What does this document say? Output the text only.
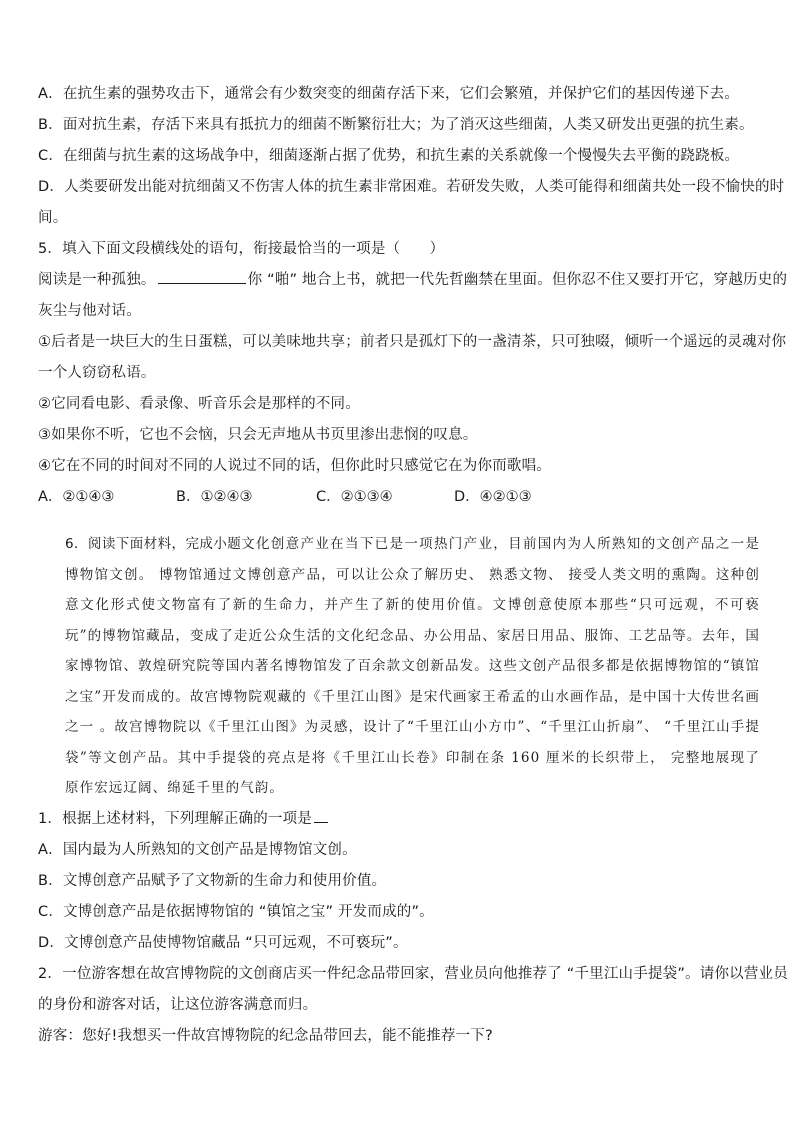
A．在抗生素的强势攻击下，通常会有少数突变的细菌存活下来，它们会繁殖，并保护它们的基因传递下去。
B．面对抗生素，存活下来具有抵抗力的细菌不断繁衍壮大；为了消灭这些细菌，人类又研发出更强的抗生素。
C．在细菌与抗生素的这场战争中，细菌逐渐占据了优势，和抗生素的关系就像一个慢慢失去平衡的跷跷板。
D．人类要研发出能对抗细菌又不伤害人体的抗生素非常困难。若研发失败，人类可能得和细菌共处一段不愉快的时
间。
5．填入下面文段横线处的语句，衔接最恰当的一项是（　　）
阅读是一种孤独。	你 “啪” 地合上书，就把一代先哲幽禁在里面。但你忍不住又要打开它，穿越历史的
灰尘与他对话。
①后者是一块巨大的生日蛋糕，可以美味地共享；前者只是孤灯下的一盏清茶，只可独啜，倾听一个遥远的灵魂对你
一个人窃窃私语。
②它同看电影、看录像、听音乐会是那样的不同。
③如果你不听，它也不会恼，只会无声地从书页里渗出悲悯的叹息。
④它在不同的时间对不同的人说过不同的话，但你此时只感觉它在为你而歌唱。
A．②①④③	B．①②④③	C．②①③④	D．④②①③
6．阅读下面材料，完成小题文化创意产业在当下已是一项热门产业，目前国内为人所熟知的文创产品之一是博物馆文创。 博物馆通过文博创意产品，可以让公众了解历史、 熟悉文物、 接受人类文明的熏陶。这种创意文化形式使文物富有了新的生命力，并产生了新的使用价值。文博创意使原本那些“只可远观，不可亵玩”的博物馆藏品，变成了走近公众生活的文化纪念品、办公用品、家居日用品、服饰、工艺品等。去年，国家博物馆、敦煌研究院等国内著名博物馆发了百余款文创新品发。这些文创产品很多都是依据博物馆的“镇馆之宝”开发而成的。故宫博物院观藏的《千里江山图》是宋代画家王希孟的山水画作品，是中国十大传世名画之一 。故宫博物院以《千里江山图》为灵感，设计了“千里江山小方巾”、“千里江山折扇”、 “千里江山手提袋”等文创产品。其中手提袋的亮点是将《千里江山长卷》印制在条 160 厘米的长织带上， 完整地展现了原作宏远辽阔、绵延千里的气韵。
1．根据上述材料，下列理解正确的一项是
A．国内最为人所熟知的文创产品是博物馆文创。
B．文博创意产品赋予了文物新的生命力和使用价值。
C．文博创意产品是依据博物馆的 “镇馆之宝” 开发而成的”。
D．文博创意产品使博物馆藏品 “只可远观，不可亵玩”。
2．一位游客想在故宫博物院的文创商店买一件纪念品带回家，营业员向他推荐了 “千里江山手提袋”。请你以营业员
的身份和游客对话，让这位游客满意而归。
游客：您好!我想买一件故宫博物院的纪念品带回去，能不能推荐一下?
